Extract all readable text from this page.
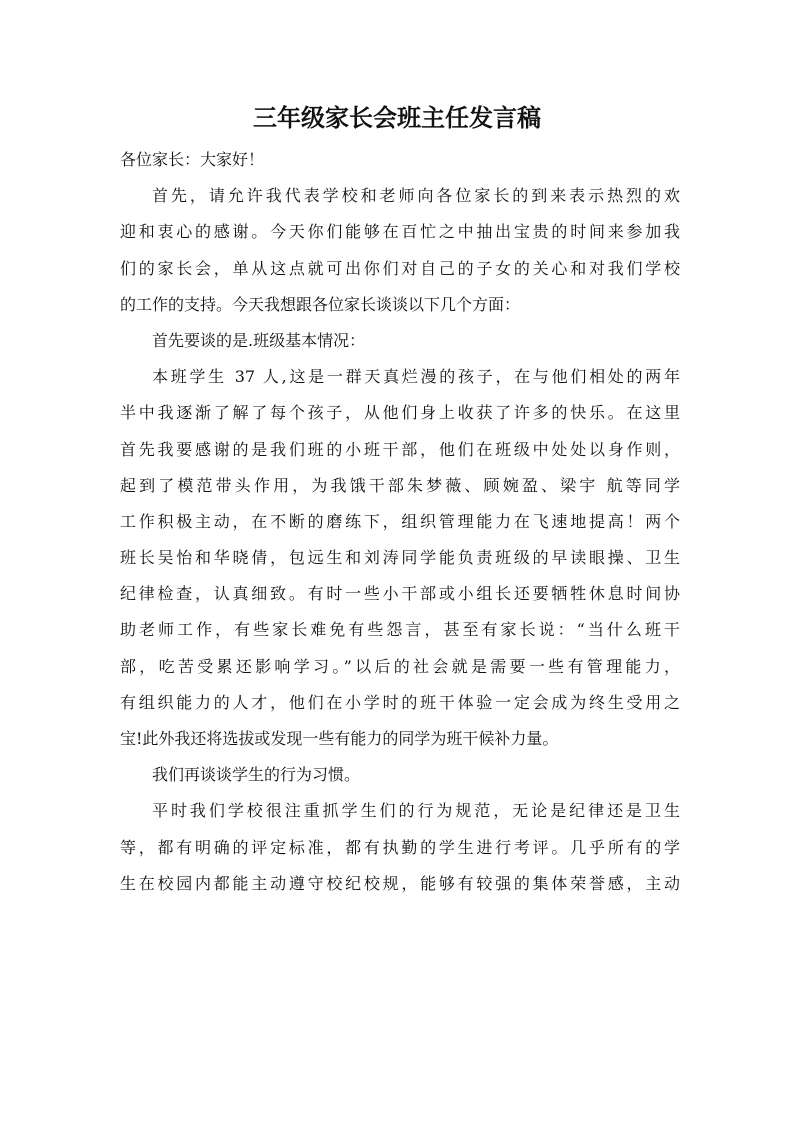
三年级家长会班主任发言稿
各位家长：大家好！
首先，请允许我代表学校和老师向各位家长的到来表示热烈的欢
迎和衷心的感谢。今天你们能够在百忙之中抽出宝贵的时间来参加我
们的家长会，单从这点就可出你们对自己的子女的关心和对我们学校
的工作的支持。今天我想跟各位家长谈谈以下几个方面：
首先要谈的是.班级基本情况：
本班学生 37 人,这是一群天真烂漫的孩子，在与他们相处的两年
半中我逐渐了解了每个孩子，从他们身上收获了许多的快乐。在这里
首先我要感谢的是我们班的小班干部，他们在班级中处处以身作则，
起到了模范带头作用，为我饿干部朱梦薇、顾婉盈、梁宇 航等同学
工作积极主动，在不断的磨练下，组织管理能力在飞速地提高！两个
班长吴怡和华晓倩，包远生和刘涛同学能负责班级的早读眼操、卫生
纪律检查，认真细致。有时一些小干部或小组长还要牺牲休息时间协
助老师工作，有些家长难免有些怨言，甚至有家长说：“当什么班干
部，吃苦受累还影响学习。”以后的社会就是需要一些有管理能力，
有组织能力的人才，他们在小学时的班干体验一定会成为终生受用之
宝!此外我还将选拔或发现一些有能力的同学为班干候补力量。
我们再谈谈学生的行为习惯。
平时我们学校很注重抓学生们的行为规范，无论是纪律还是卫生
等，都有明确的评定标准，都有执勤的学生进行考评。几乎所有的学
生在校园内都能主动遵守校纪校规，能够有较强的集体荣誉感，主动
